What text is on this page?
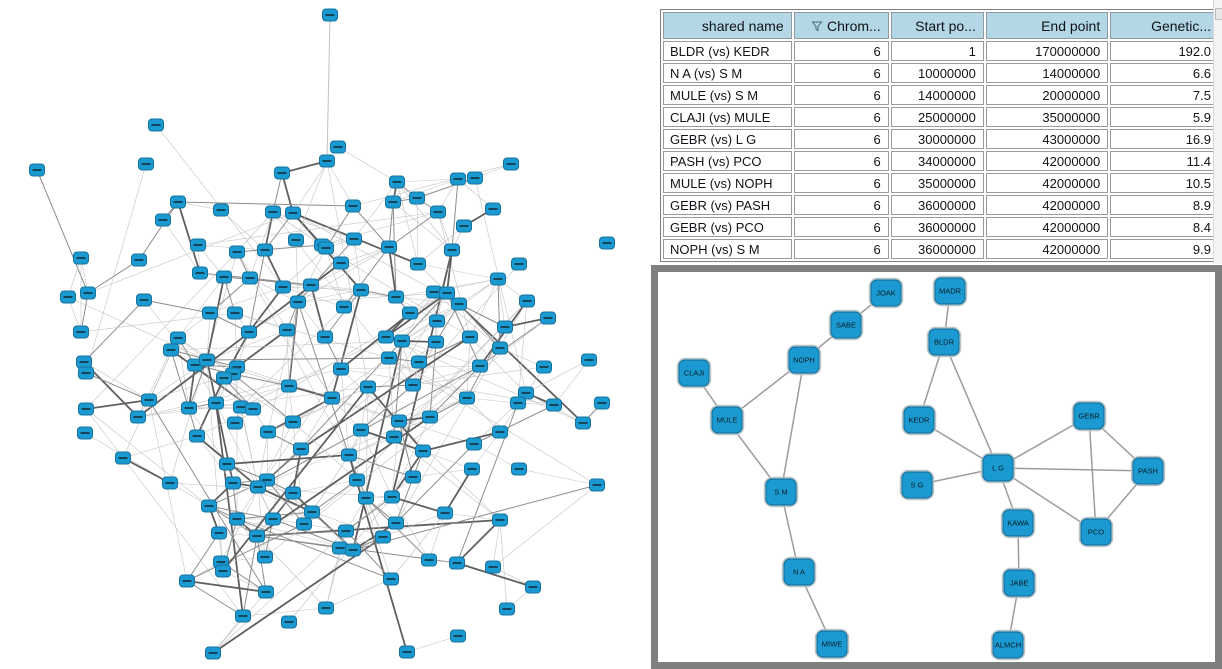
shared name	Chrom...	Start po...	End point	Genetic...

BLDR (vs) KEDR	6	1	170000000	192.0
N A (vs) S M	6	10000000	14000000	6.6
MULE (vs) S M	6	14000000	20000000	7.5
CLAJI (vs) MULE	6	25000000	35000000	5.9
GEBR (vs) L G	6	30000000	43000000	16.9
PASH (vs) PCO	6	34000000	42000000	11.4
MULE (vs) NOPH	6	35000000	42000000	10.5
GEBR (vs) PASH	6	36000000	42000000	8.9
GEBR (vs) PCO	6	36000000	42000000	8.4
NOPH (vs) S M	6	36000000	42000000	9.9
JOAK	MADR
SABE
BLDR
NOPH
CLAJI
GEBR
MULE	KEDR
L G	PASH
S G
S M
KAWA
PCO
N A
JABE
MIWE	ALMCH
